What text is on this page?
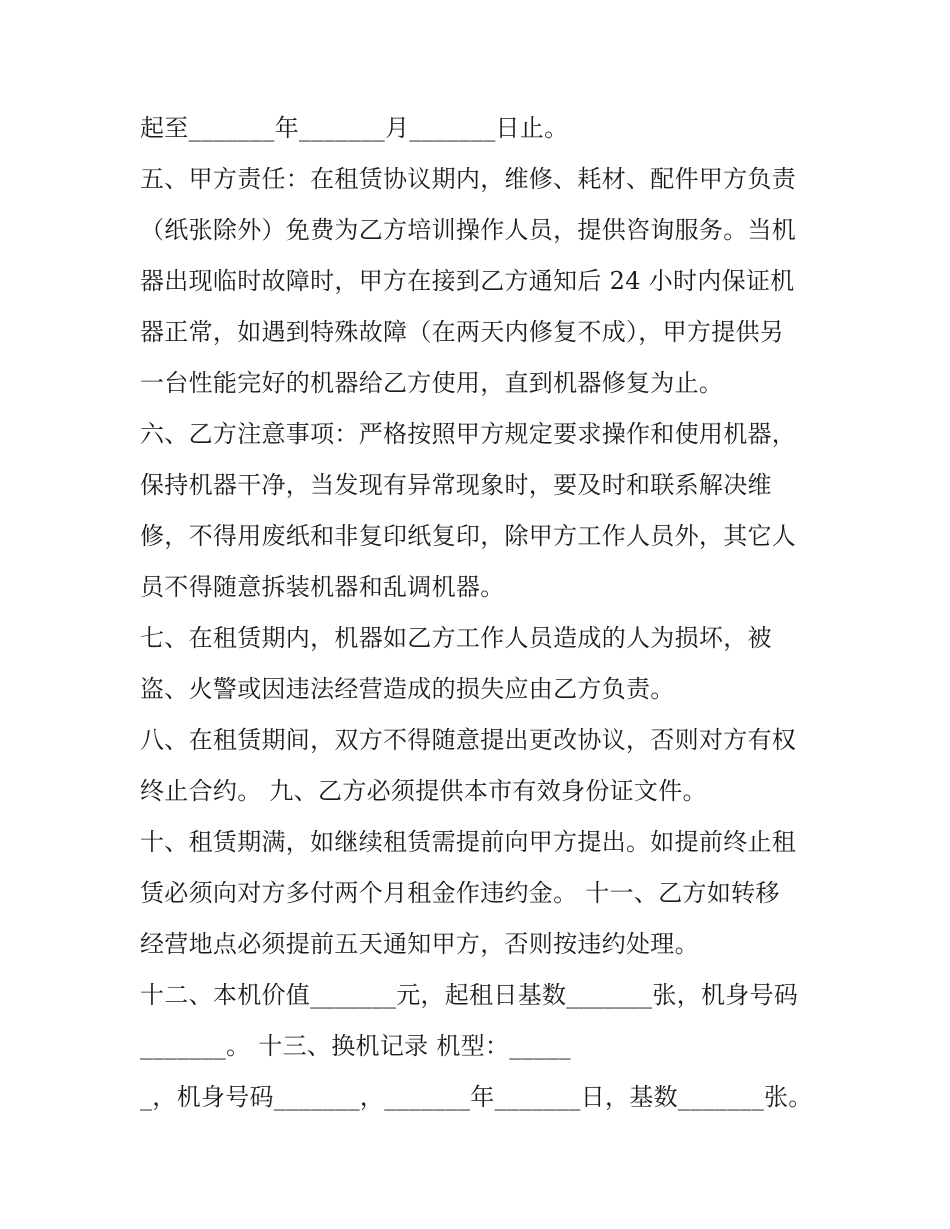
起至_______年_______月_______日止。
五、甲方责任：在租赁协议期内，维修、耗材、配件甲方负责
（纸张除外）免费为乙方培训操作人员，提供咨询服务。当机
器出现临时故障时，甲方在接到乙方通知后 24 小时内保证机
器正常，如遇到特殊故障（在两天内修复不成），甲方提供另
一台性能完好的机器给乙方使用，直到机器修复为止。
六、乙方注意事项：严格按照甲方规定要求操作和使用机器，
保持机器干净，当发现有异常现象时，要及时和联系解决维
修，不得用废纸和非复印纸复印，除甲方工作人员外，其它人
员不得随意拆装机器和乱调机器。
七、在租赁期内，机器如乙方工作人员造成的人为损坏，被
盗、火警或因违法经营造成的损失应由乙方负责。
八、在租赁期间，双方不得随意提出更改协议，否则对方有权
终止合约。 九、乙方必须提供本市有效身份证文件。
十、租赁期满，如继续租赁需提前向甲方提出。如提前终止租
赁必须向对方多付两个月租金作违约金。 十一、乙方如转移
经营地点必须提前五天通知甲方，否则按违约处理。
十二、本机价值_______元，起租日基数_______张，机身号码
_______。 十三、换机记录 机型：_____
_，机身号码_______，_______年_______日，基数_______张。
